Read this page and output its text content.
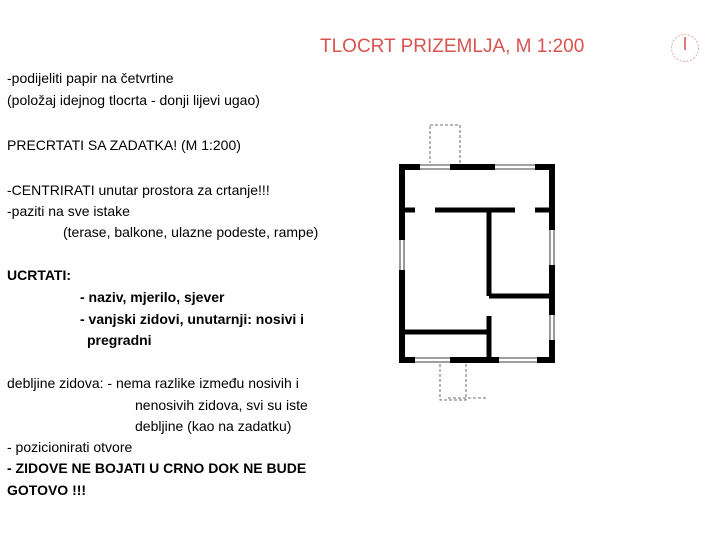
TLOCRT PRIZEMLJA, M 1:200
-podijeliti papir na četvrtine
(položaj idejnog tlocrta - donji lijevi ugao)
PRECRTATI SA ZADATKA! (M 1:200)
-CENTRIRATI unutar prostora za crtanje!!!
-paziti na sve istake
(terase, balkone, ulazne podeste, rampe)
UCRTATI:
- naziv, mjerilo, sjever
- vanjski zidovi, unutarnji: nosivi i
pregradni
debljine zidova: - nema razlike između nosivih i
nenosivih zidova, svi su iste
debljine (kao na zadatku)
- pozicionirati otvore
- ZIDOVE NE BOJATI U CRNO DOK NE BUDE
GOTOVO !!!
